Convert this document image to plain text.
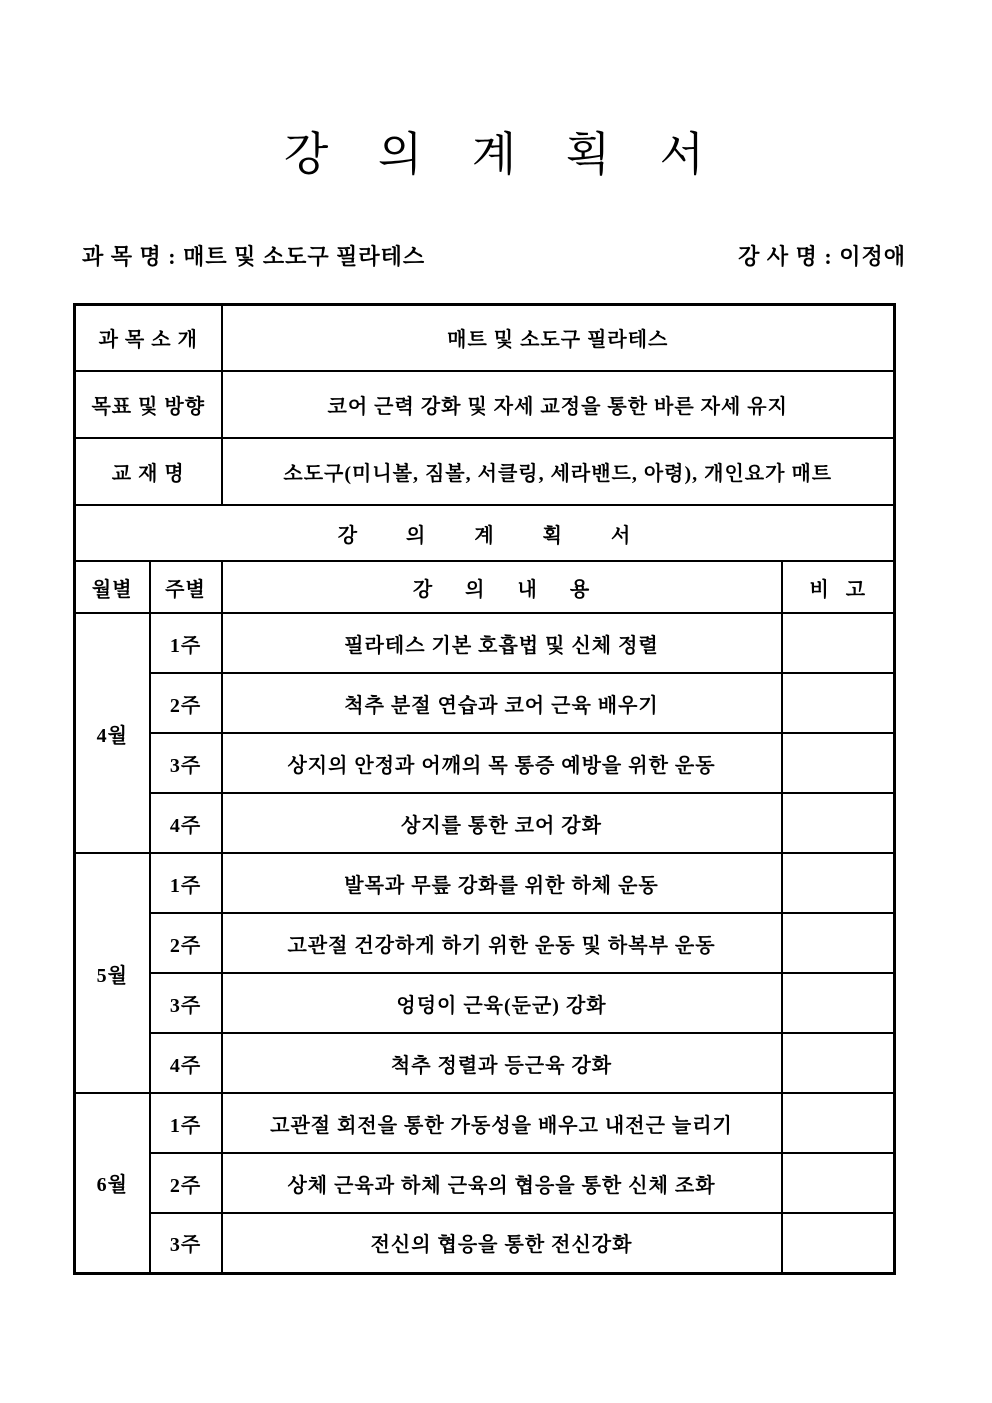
강 의 계 획 서
과 목 명 : 매트 및 소도구 필라테스	강 사 명 : 이정애
과 목 소 개		매트 및 소도구 필라테스	
목표 및 방향		코어 근력 강화 및 자세 교정을 통한 바른 자세 유지	
교 재 명		소도구(미니볼, 짐볼, 서클링, 세라밴드, 아령), 개인요가 매트	
강 의 계 획 서			
월별	주별	강 의 내 용	비 고
4월	1주	필라테스 기본 호흡법 및 신체 정렬	
	2주	척추 분절 연습과 코어 근육 배우기	
	3주	상지의 안정과 어깨의 목 통증 예방을 위한 운동	
	4주	상지를 통한 코어 강화	
5월	1주	발목과 무릎 강화를 위한 하체 운동	
	2주	고관절 건강하게 하기 위한 운동 및 하복부 운동	
	3주	엉덩이 근육(둔군) 강화	
	4주	척추 정렬과 등근육 강화	
6월	1주	고관절 회전을 통한 가동성을 배우고 내전근 늘리기	
	2주	상체 근육과 하체 근육의 협응을 통한 신체 조화	
	3주	전신의 협응을 통한 전신강화	
